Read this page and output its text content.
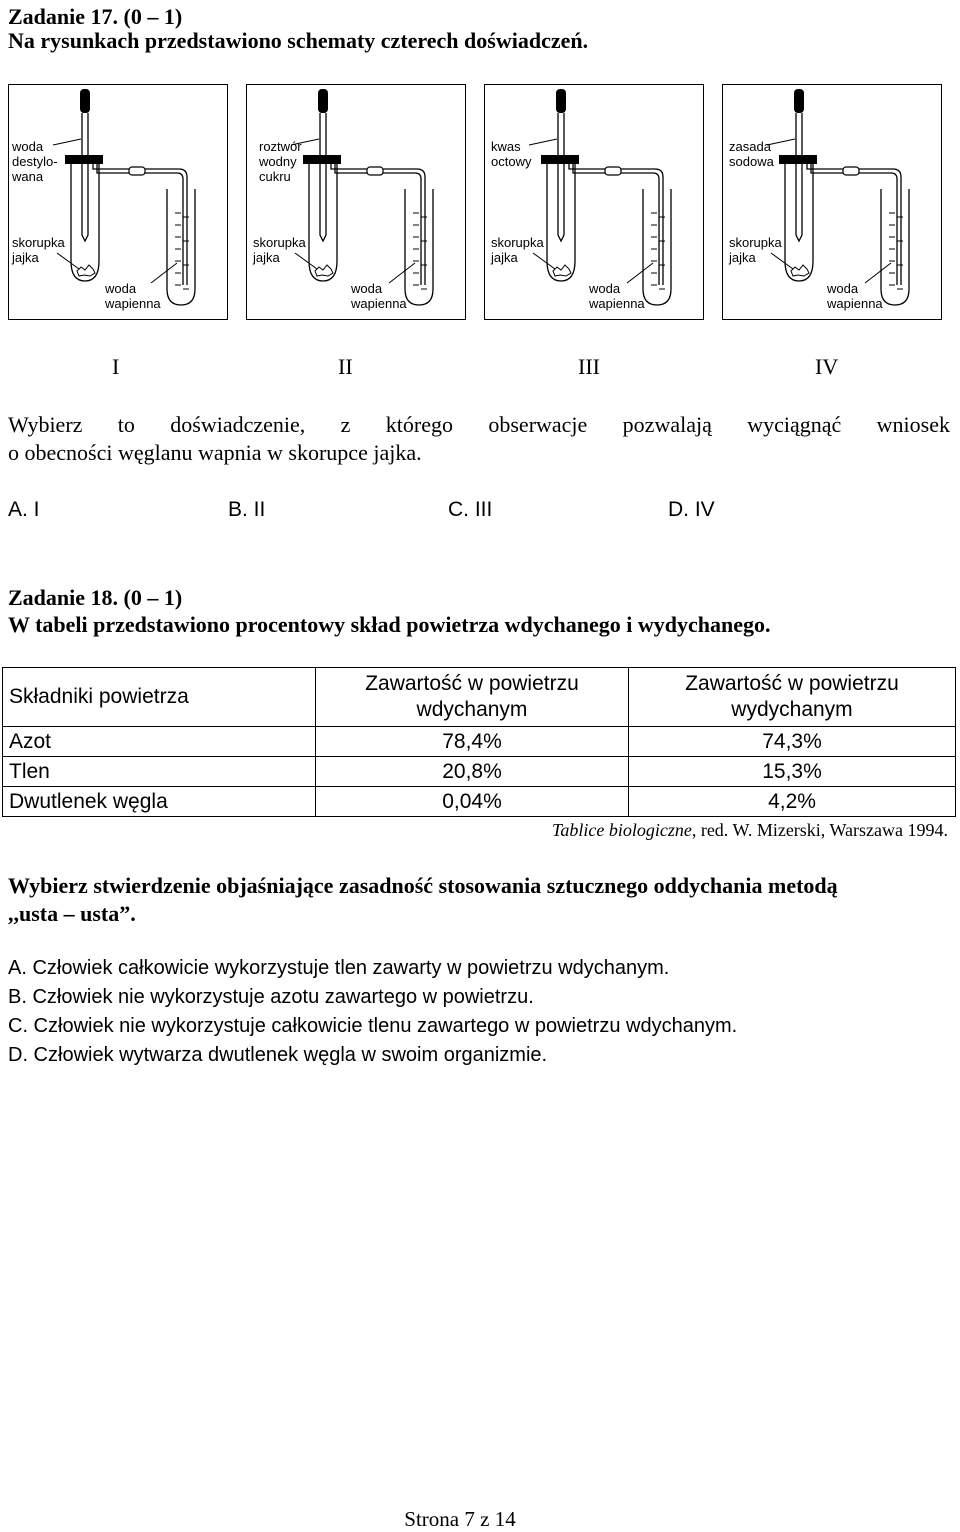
Zadanie 17. (0 – 1)
Na rysunkach przedstawiono schematy czterech doświadczeń.
woda
destylo-
wana
skorupka
jajka
woda
wapienna
roztwór
wodny
cukru
skorupka
jajka
woda
wapienna
kwas
octowy
skorupka
jajka
woda
wapienna
zasada
sodowa
skorupka
jajka
woda
wapienna
I	II	III	IV
Wybierz to doświadczenie, z którego obserwacje pozwalają wyciągnąć wniosek
o obecności węglanu wapnia w skorupce jajka.
A. I	B. II	C. III	D. IV
Zadanie 18. (0 – 1)
W tabeli przedstawiono procentowy skład powietrza wdychanego i wydychanego.
Składniki powietrza	Zawartość w powietrzu wdychanym	Zawartość w powietrzu wydychanym
Azot	78,4%	74,3%
Tlen	20,8%	15,3%
Dwutlenek węgla	0,04%	4,2%
Tablice biologiczne, red. W. Mizerski, Warszawa 1994.
Wybierz stwierdzenie objaśniające zasadność stosowania sztucznego oddychania metodą
,,usta – usta”.
A. Człowiek całkowicie wykorzystuje tlen zawarty w powietrzu wdychanym.
B. Człowiek nie wykorzystuje azotu zawartego w powietrzu.
C. Człowiek nie wykorzystuje całkowicie tlenu zawartego w powietrzu wdychanym.
D. Człowiek wytwarza dwutlenek węgla w swoim organizmie.
Strona 7 z 14
